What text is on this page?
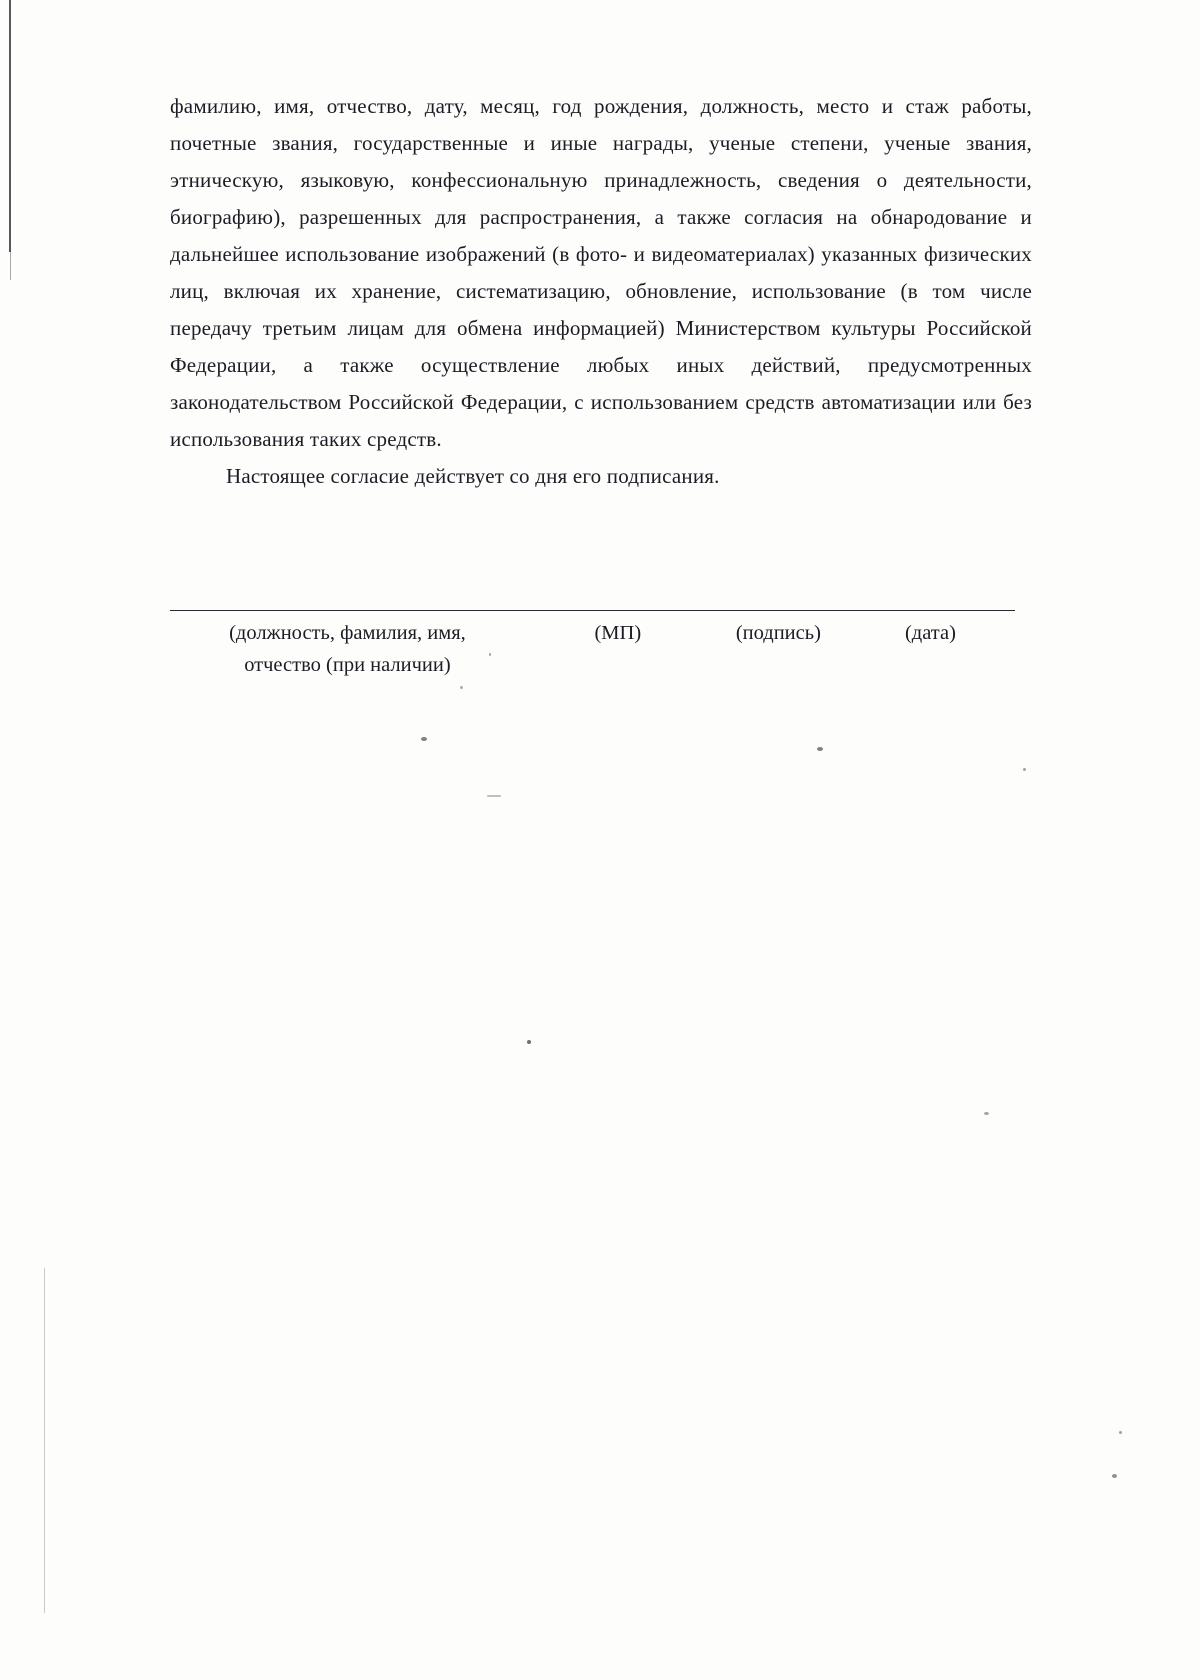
фамилию, имя, отчество, дату, месяц, год рождения, должность, место и стаж работы, почетные звания, государственные и иные награды, ученые степени, ученые звания, этническую, языковую, конфессиональную принадлежность, сведения о деятельности, биографию), разрешенных для распространения, а также согласия на обнародование и дальнейшее использование изображений (в фото- и видеоматериалах) указанных физических лиц, включая их хранение, систематизацию, обновление, использование (в том числе передачу третьим лицам для обмена информацией) Министерством культуры Российской Федерации, а также осуществление любых иных действий, предусмотренных законодательством Российской Федерации, с использованием средств автоматизации или без использования таких средств.

Настоящее согласие действует со дня его подписания.

(должность, фамилия, имя,
отчество (при наличии)
(МП)	(подпись)	(дата)
